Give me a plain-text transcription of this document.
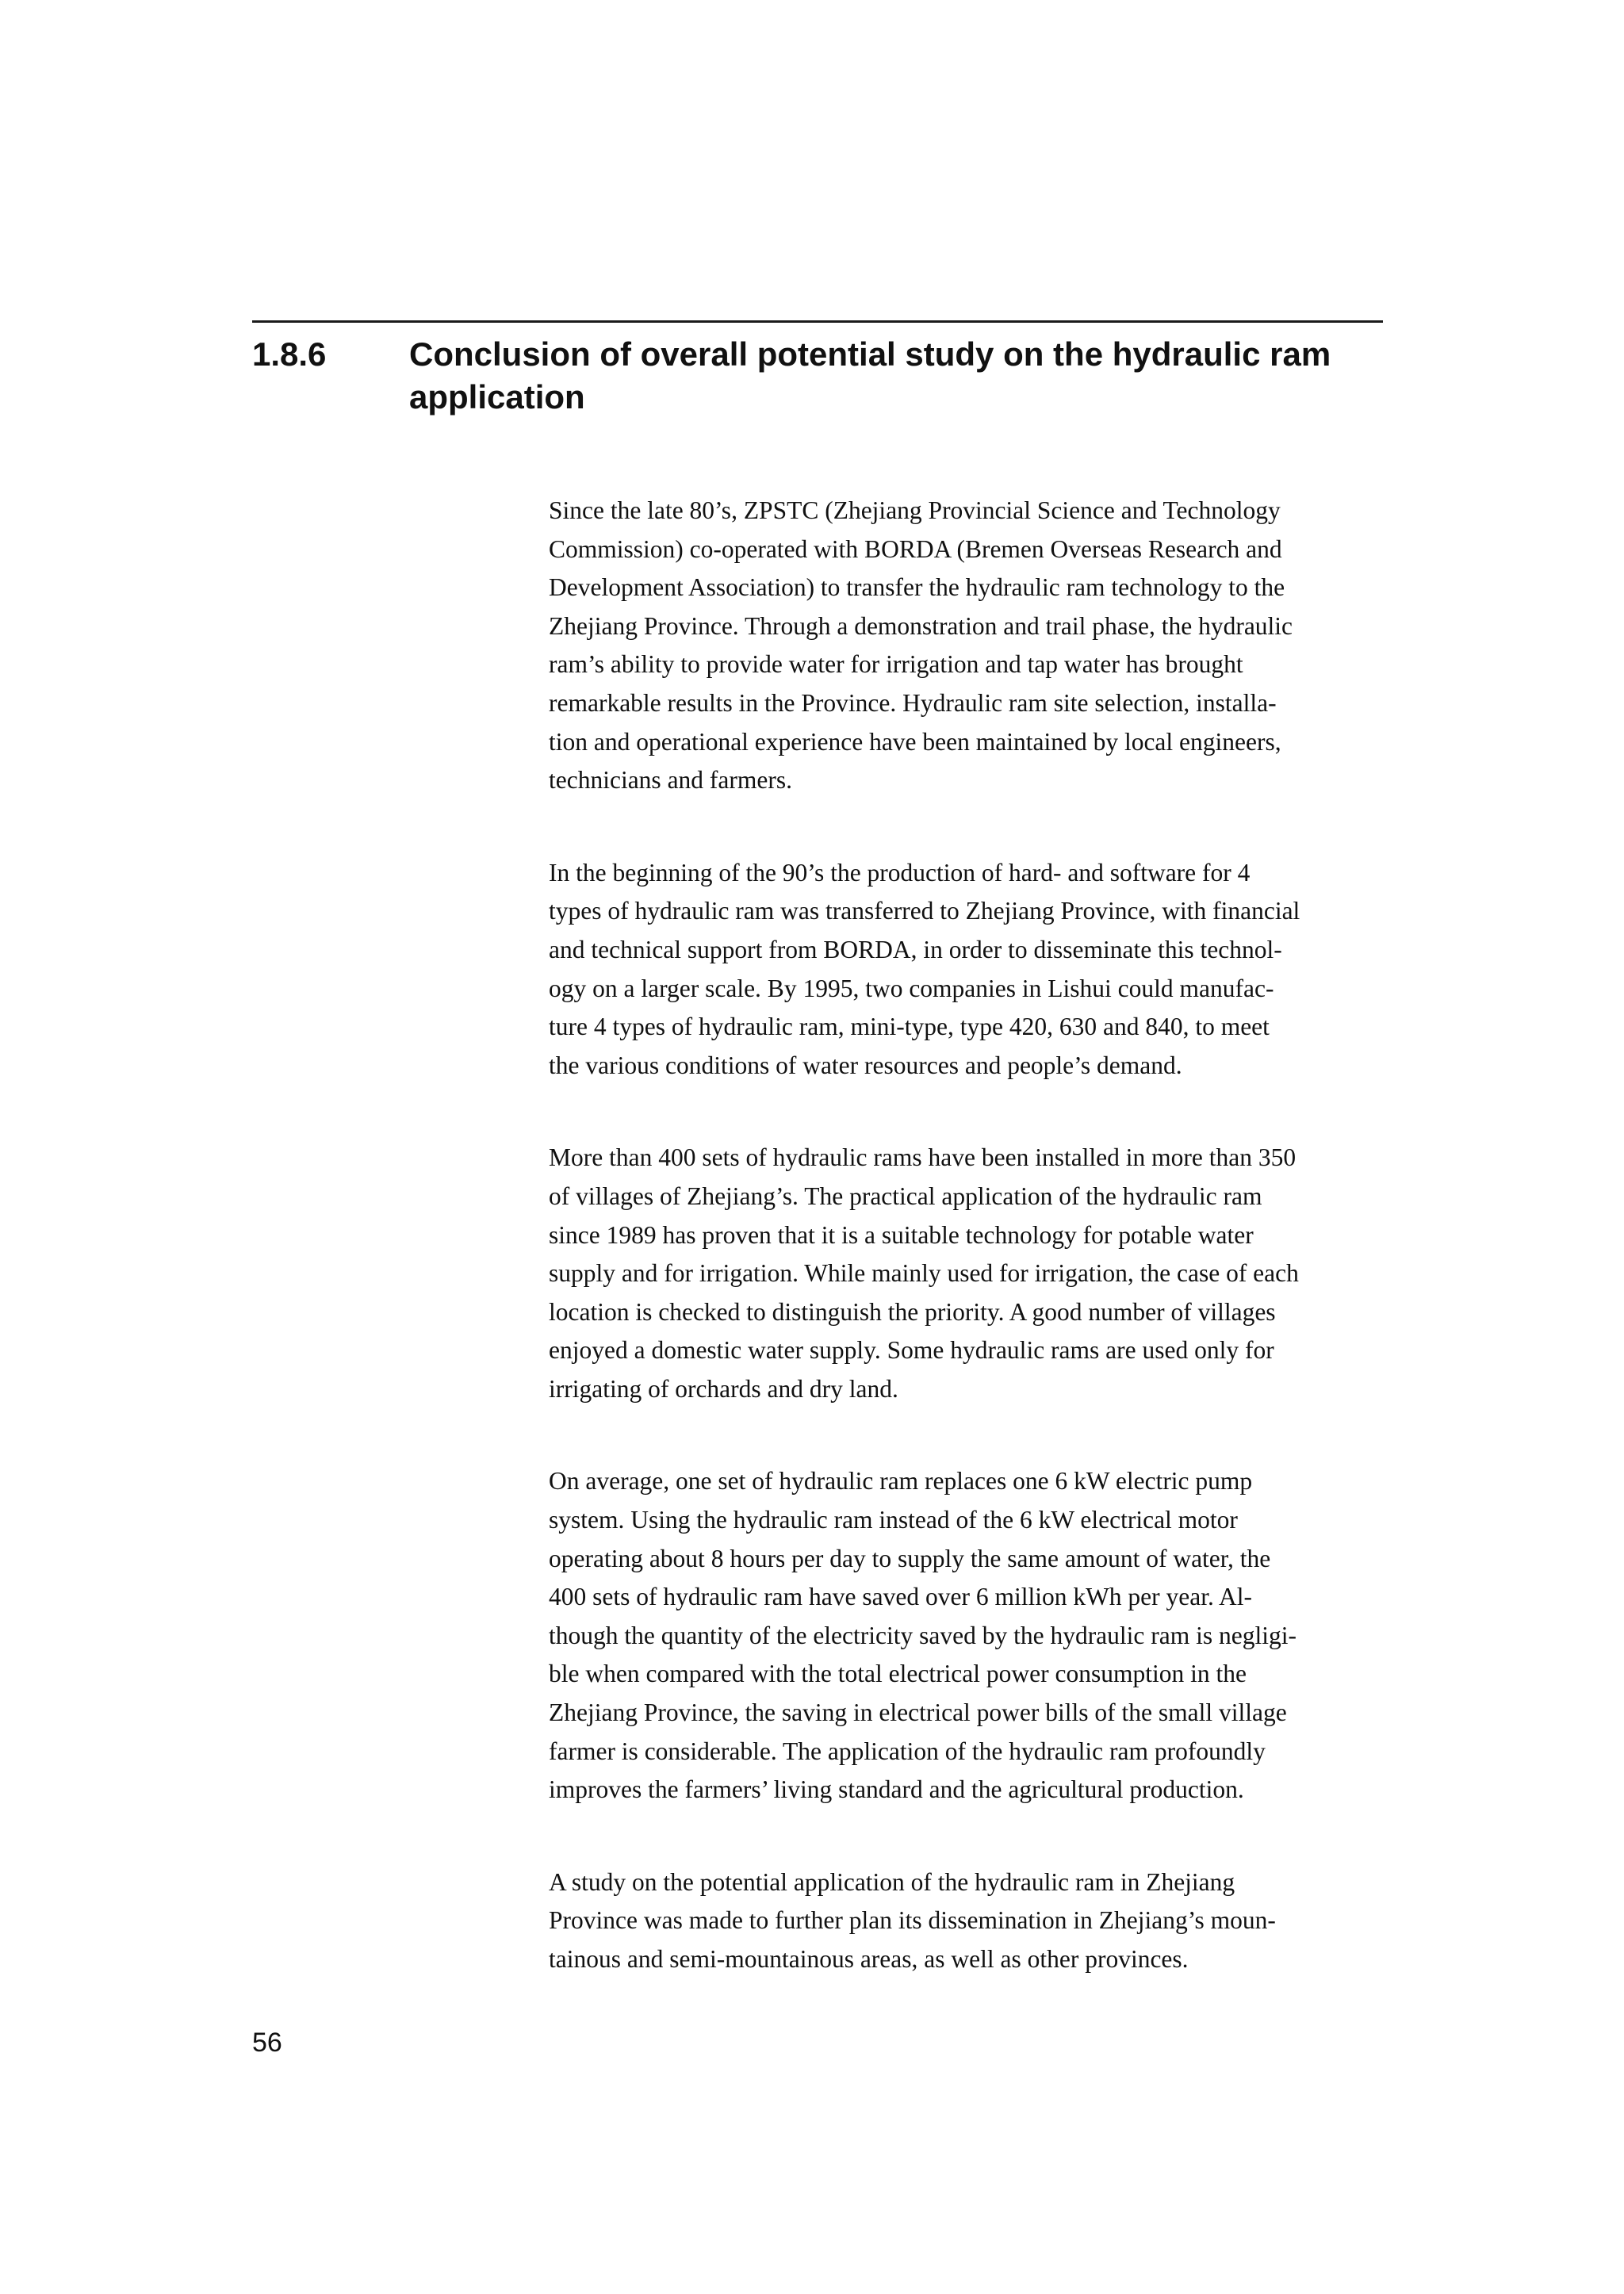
1.8.6 Conclusion of overall potential study on the hydraulic ram
application

Since the late 80’s, ZPSTC (Zhejiang Provincial Science and Technology
Commission) co-operated with BORDA (Bremen Overseas Research and
Development Association) to transfer the hydraulic ram technology to the
Zhejiang Province. Through a demonstration and trail phase, the hydraulic
ram’s ability to provide water for irrigation and tap water has brought
remarkable results in the Province. Hydraulic ram site selection, installa-
tion and operational experience have been maintained by local engineers,
technicians and farmers.

In the beginning of the 90’s the production of hard- and software for 4
types of hydraulic ram was transferred to Zhejiang Province, with financial
and technical support from BORDA, in order to disseminate this technol-
ogy on a larger scale. By 1995, two companies in Lishui could manufac-
ture 4 types of hydraulic ram, mini-type, type 420, 630 and 840, to meet
the various conditions of water resources and people’s demand.

More than 400 sets of hydraulic rams have been installed in more than 350
of villages of Zhejiang’s. The practical application of the hydraulic ram
since 1989 has proven that it is a suitable technology for potable water
supply and for irrigation. While mainly used for irrigation, the case of each
location is checked to distinguish the priority. A good number of villages
enjoyed a domestic water supply. Some hydraulic rams are used only for
irrigating of orchards and dry land.

On average, one set of hydraulic ram replaces one 6 kW electric pump
system. Using the hydraulic ram instead of the 6 kW electrical motor
operating about 8 hours per day to supply the same amount of water, the
400 sets of hydraulic ram have saved over 6 million kWh per year. Al-
though the quantity of the electricity saved by the hydraulic ram is negligi-
ble when compared with the total electrical power consumption in the
Zhejiang Province, the saving in electrical power bills of the small village
farmer is considerable. The application of the hydraulic ram profoundly
improves the farmers’ living standard and the agricultural production.

A study on the potential application of the hydraulic ram in Zhejiang
Province was made to further plan its dissemination in Zhejiang’s moun-
tainous and semi-mountainous areas, as well as other provinces.

56
